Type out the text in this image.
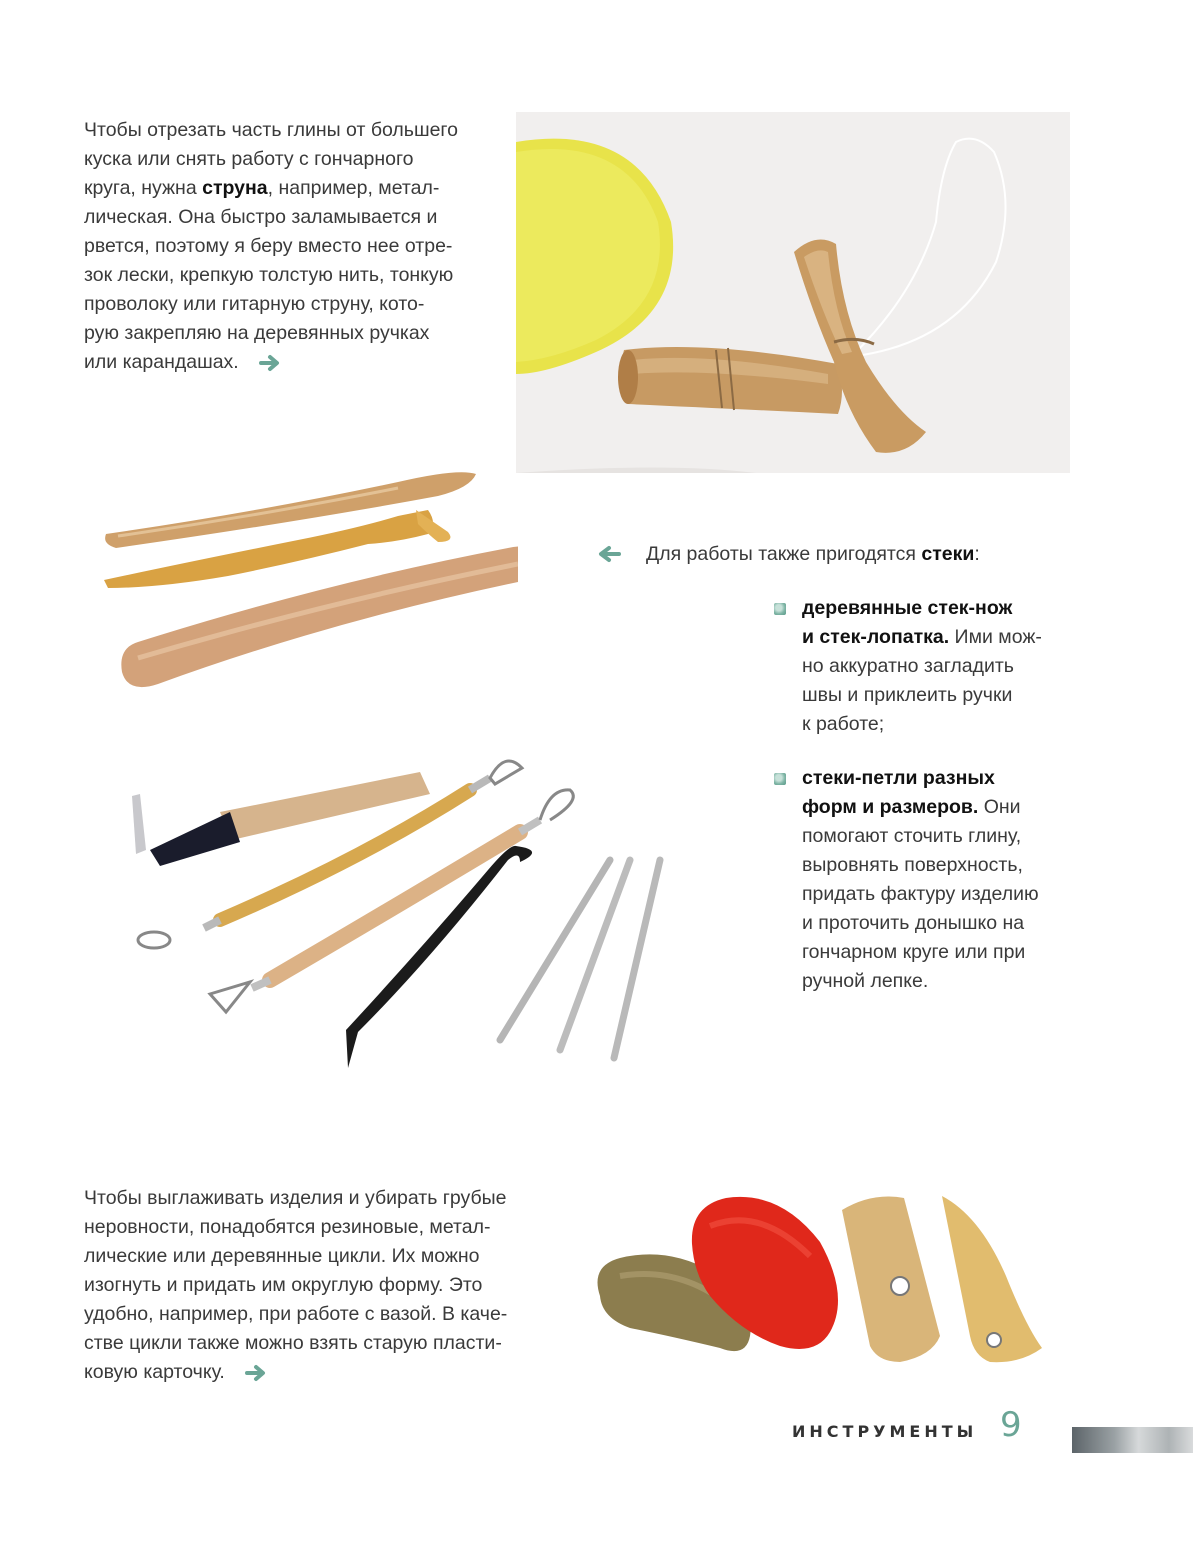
Чтобы отрезать часть глины от большего
куска или снять работу с гончарного
круга, нужна струна, например, метал-
лическая. Она быстро заламывается и
рвется, поэтому я беру вместо нее отре-
зок лески, крепкую толстую нить, тонкую
проволоку или гитарную струну, кото-
рую закрепляю на деревянных ручках
или карандашах.
Для работы также пригодятся стеки:
деревянные стек-нож
и стек-лопатка. Ими мож-
но аккуратно загладить
швы и приклеить ручки
к работе;
стеки-петли разных
форм и размеров. Они
помогают сточить глину,
выровнять поверхность,
придать фактуру изделию
и проточить донышко на
гончарном круге или при
ручной лепке.
Чтобы выглаживать изделия и убирать грубые
неровности, понадобятся резиновые, метал-
лические или деревянные цикли. Их можно
изогнуть и придать им округлую форму. Это
удобно, например, при работе с вазой. В каче-
стве цикли также можно взять старую пласти-
ковую карточку.
ИНСТРУМЕНТЫ 9
